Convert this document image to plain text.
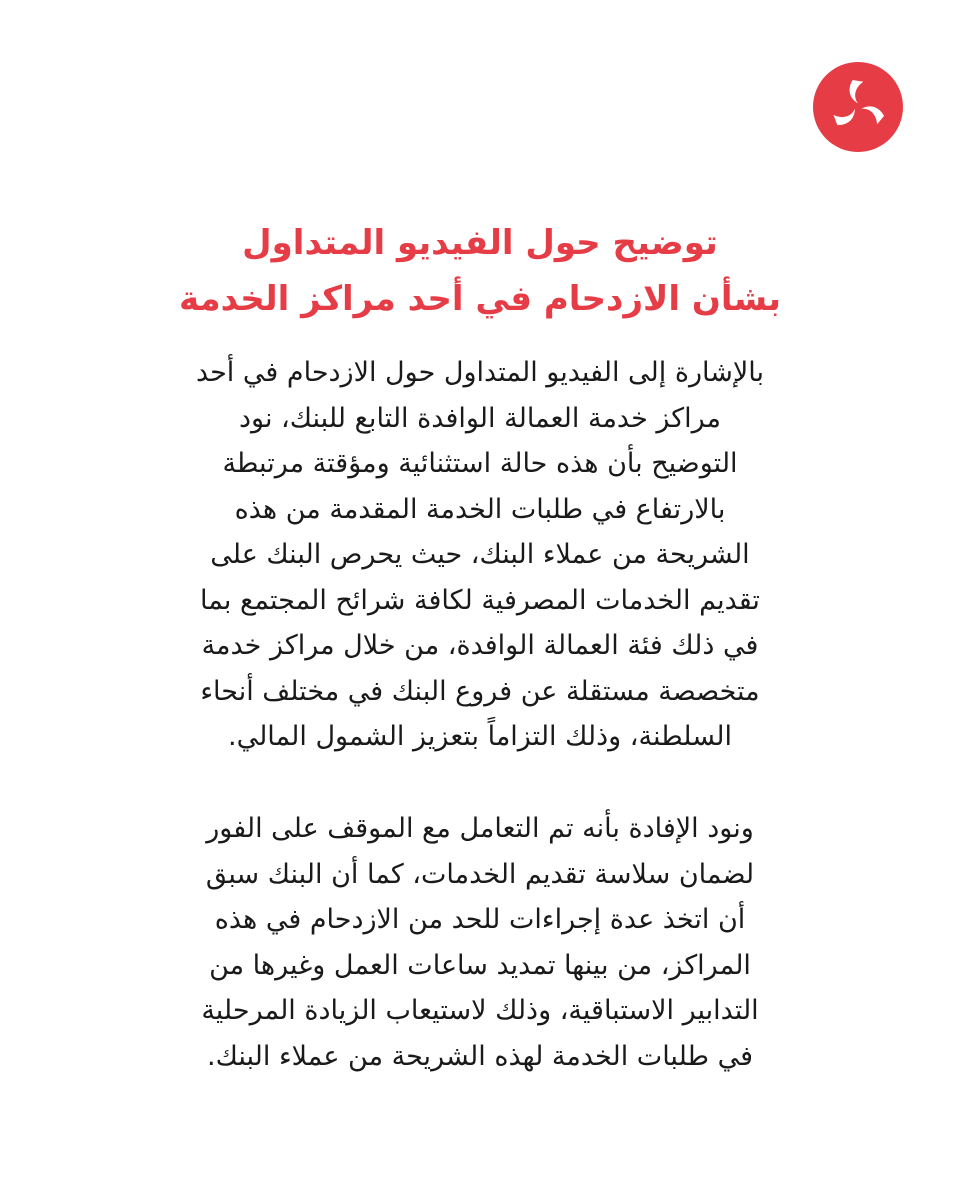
توضيح حول الفيديو المتداول
بشأن الازدحام في أحد مراكز الخدمة
بالإشارة إلى الفيديو المتداول حول الازدحام في أحد
مراكز خدمة العمالة الوافدة التابع للبنك، نود
التوضيح بأن هذه حالة استثنائية ومؤقتة مرتبطة
بالارتفاع في طلبات الخدمة المقدمة من هذه
الشريحة من عملاء البنك، حيث يحرص البنك على
تقديم الخدمات المصرفية لكافة شرائح المجتمع بما
في ذلك فئة العمالة الوافدة، من خلال مراكز خدمة
متخصصة مستقلة عن فروع البنك في مختلف أنحاء
السلطنة، وذلك التزاماً بتعزيز الشمول المالي.
ونود الإفادة بأنه تم التعامل مع الموقف على الفور
لضمان سلاسة تقديم الخدمات، كما أن البنك سبق
أن اتخذ عدة إجراءات للحد من الازدحام في هذه
المراكز، من بينها تمديد ساعات العمل وغيرها من
التدابير الاستباقية، وذلك لاستيعاب الزيادة المرحلية
في طلبات الخدمة لهذه الشريحة من عملاء البنك.
